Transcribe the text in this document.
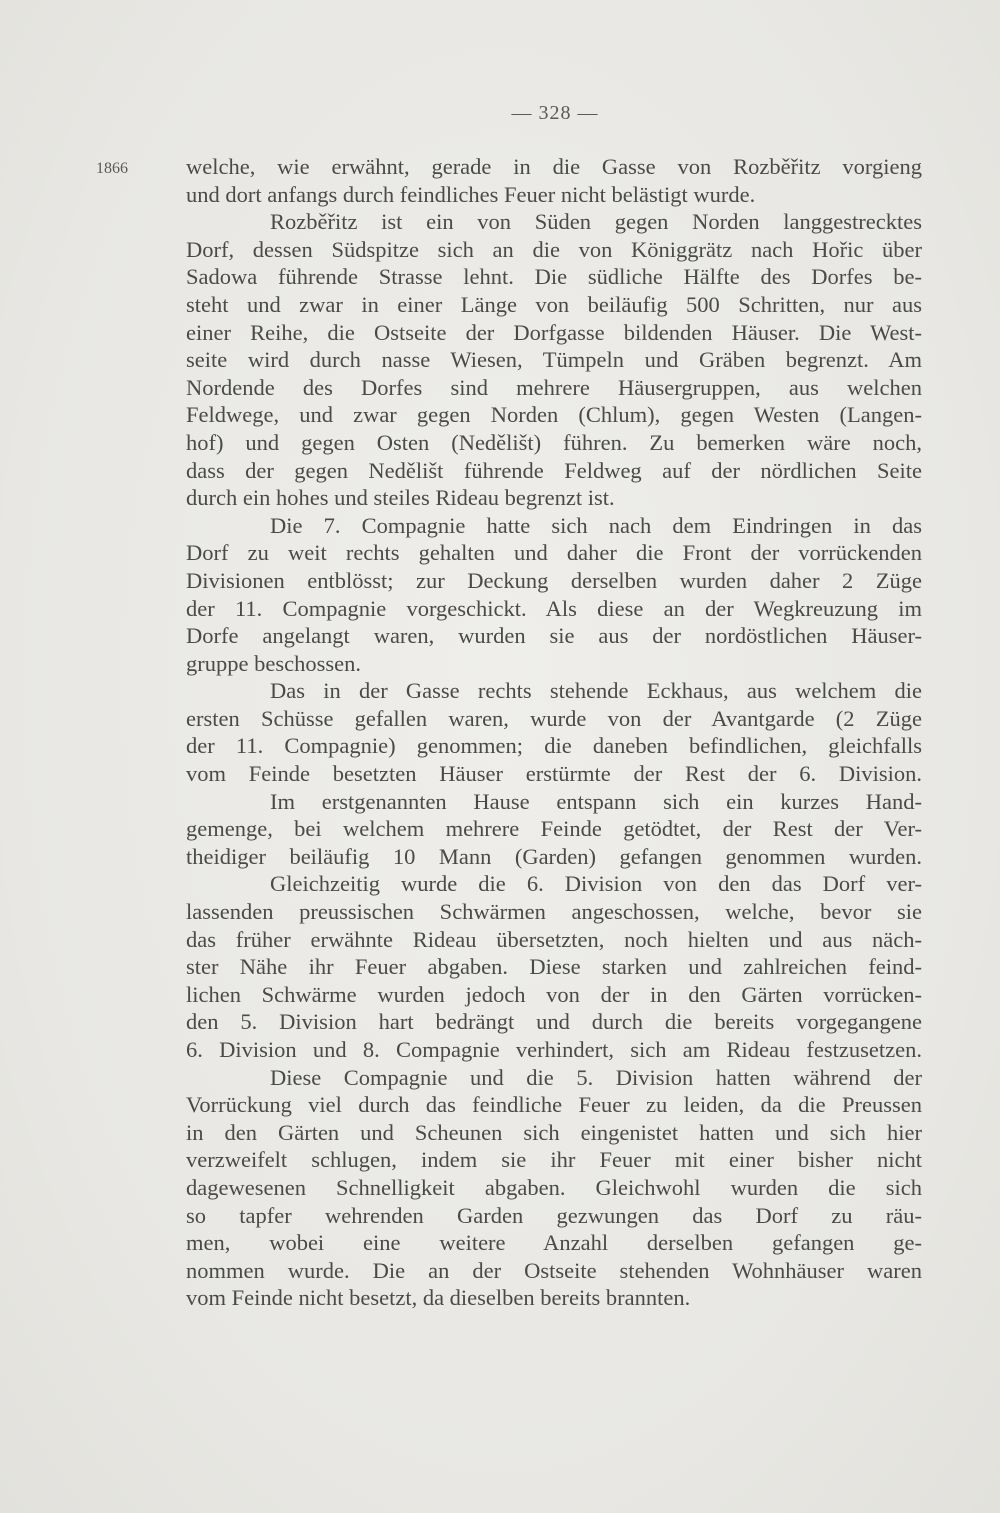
— 328 —
1866	welche, wie erwähnt, gerade in die Gasse von Rozběřitz vorgieng
und dort anfangs durch feindliches Feuer nicht belästigt wurde.
Rozběřitz ist ein von Süden gegen Norden langgestrecktes
Dorf, dessen Südspitze sich an die von Königgrätz nach Hořic über
Sadowa führende Strasse lehnt. Die südliche Hälfte des Dorfes be-
steht und zwar in einer Länge von beiläufig 500 Schritten, nur aus
einer Reihe, die Ostseite der Dorfgasse bildenden Häuser. Die West-
seite wird durch nasse Wiesen, Tümpeln und Gräben begrenzt. Am
Nordende des Dorfes sind mehrere Häusergruppen, aus welchen
Feldwege, und zwar gegen Norden (Chlum), gegen Westen (Langen-
hof) und gegen Osten (Nedělišt) führen. Zu bemerken wäre noch,
dass der gegen Nedělišt führende Feldweg auf der nördlichen Seite
durch ein hohes und steiles Rideau begrenzt ist.
Die 7. Compagnie hatte sich nach dem Eindringen in das
Dorf zu weit rechts gehalten und daher die Front der vorrückenden
Divisionen entblösst; zur Deckung derselben wurden daher 2 Züge
der 11. Compagnie vorgeschickt. Als diese an der Wegkreuzung im
Dorfe angelangt waren, wurden sie aus der nordöstlichen Häuser-
gruppe beschossen.
Das in der Gasse rechts stehende Eckhaus, aus welchem die
ersten Schüsse gefallen waren, wurde von der Avantgarde (2 Züge
der 11. Compagnie) genommen; die daneben befindlichen, gleichfalls
vom Feinde besetzten Häuser erstürmte der Rest der 6. Division.
Im erstgenannten Hause entspann sich ein kurzes Hand-
gemenge, bei welchem mehrere Feinde getödtet, der Rest der Ver-
theidiger beiläufig 10 Mann (Garden) gefangen genommen wurden.
Gleichzeitig wurde die 6. Division von den das Dorf ver-
lassenden preussischen Schwärmen angeschossen, welche, bevor sie
das früher erwähnte Rideau übersetzten, noch hielten und aus näch-
ster Nähe ihr Feuer abgaben. Diese starken und zahlreichen feind-
lichen Schwärme wurden jedoch von der in den Gärten vorrücken-
den 5. Division hart bedrängt und durch die bereits vorgegangene
6. Division und 8. Compagnie verhindert, sich am Rideau festzusetzen.
Diese Compagnie und die 5. Division hatten während der
Vorrückung viel durch das feindliche Feuer zu leiden, da die Preussen
in den Gärten und Scheunen sich eingenistet hatten und sich hier
verzweifelt schlugen, indem sie ihr Feuer mit einer bisher nicht
dagewesenen Schnelligkeit abgaben. Gleichwohl wurden die sich
so tapfer wehrenden Garden gezwungen das Dorf zu räu-
men, wobei eine weitere Anzahl derselben gefangen ge-
nommen wurde. Die an der Ostseite stehenden Wohnhäuser waren
vom Feinde nicht besetzt, da dieselben bereits brannten.
